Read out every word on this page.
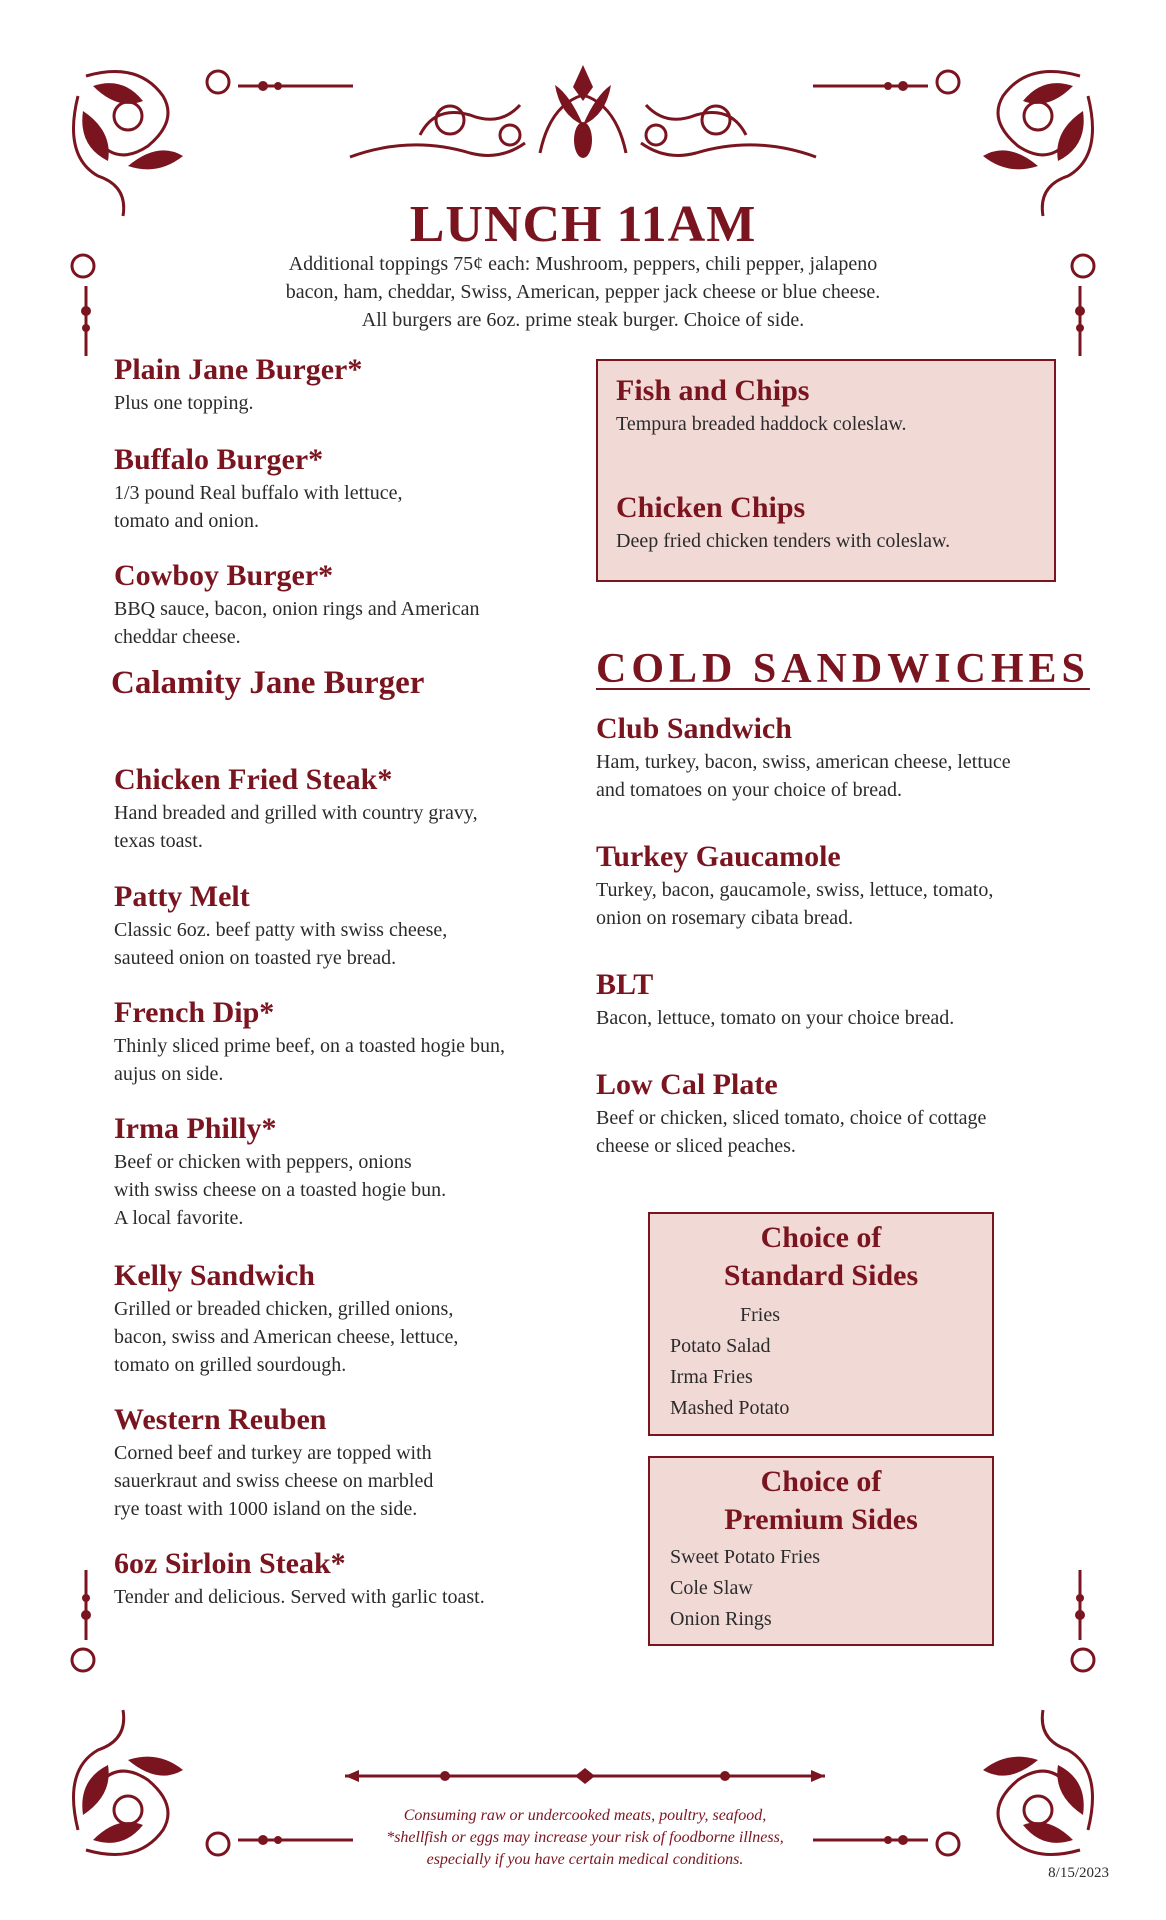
LUNCH 11AM
Additional toppings 75¢ each: Mushroom, peppers, chili pepper, jalapeno
bacon, ham, cheddar, Swiss, American, pepper jack cheese or blue cheese.
All burgers are 6oz. prime steak burger. Choice of side.
Plain Jane Burger*
Plus one topping.
Buffalo Burger*
1/3 pound Real buffalo with lettuce,
tomato and onion.
Cowboy Burger*
BBQ sauce, bacon, onion rings and American
cheddar cheese.
Calamity Jane Burger
Chicken Fried Steak*
Hand breaded and grilled with country gravy,
texas toast.
Patty Melt
Classic 6oz. beef patty with swiss cheese,
sauteed onion on toasted rye bread.
French Dip*
Thinly sliced prime beef, on a toasted hogie bun,
aujus on side.
Irma Philly*
Beef or chicken with peppers, onions
with swiss cheese on a toasted hogie bun.
A local favorite.
Kelly Sandwich
Grilled or breaded chicken, grilled onions,
bacon, swiss and American cheese, lettuce,
tomato on grilled sourdough.
Western Reuben
Corned beef and turkey are topped with
sauerkraut and swiss cheese on marbled
rye toast with 1000 island on the side.
6oz Sirloin Steak*
Tender and delicious. Served with garlic toast.
Fish and Chips
Tempura breaded haddock coleslaw.
Chicken Chips
Deep fried chicken tenders with coleslaw.
COLD SANDWICHES
Club Sandwich
Ham, turkey, bacon, swiss, american cheese, lettuce
and tomatoes on your choice of bread.
Turkey Gaucamole
Turkey, bacon, gaucamole, swiss, lettuce, tomato,
onion on rosemary cibata bread.
BLT
Bacon, lettuce, tomato on your choice bread.
Low Cal Plate
Beef or chicken, sliced tomato, choice of cottage
cheese or sliced peaches.
Choice of
Standard Sides
Fries
Potato Salad
Irma Fries
Mashed Potato
Choice of
Premium Sides
Sweet Potato Fries
Cole Slaw
Onion Rings
Consuming raw or undercooked meats, poultry, seafood,
*shellfish or eggs may increase your risk of foodborne illness,
especially if you have certain medical conditions.
8/15/2023
